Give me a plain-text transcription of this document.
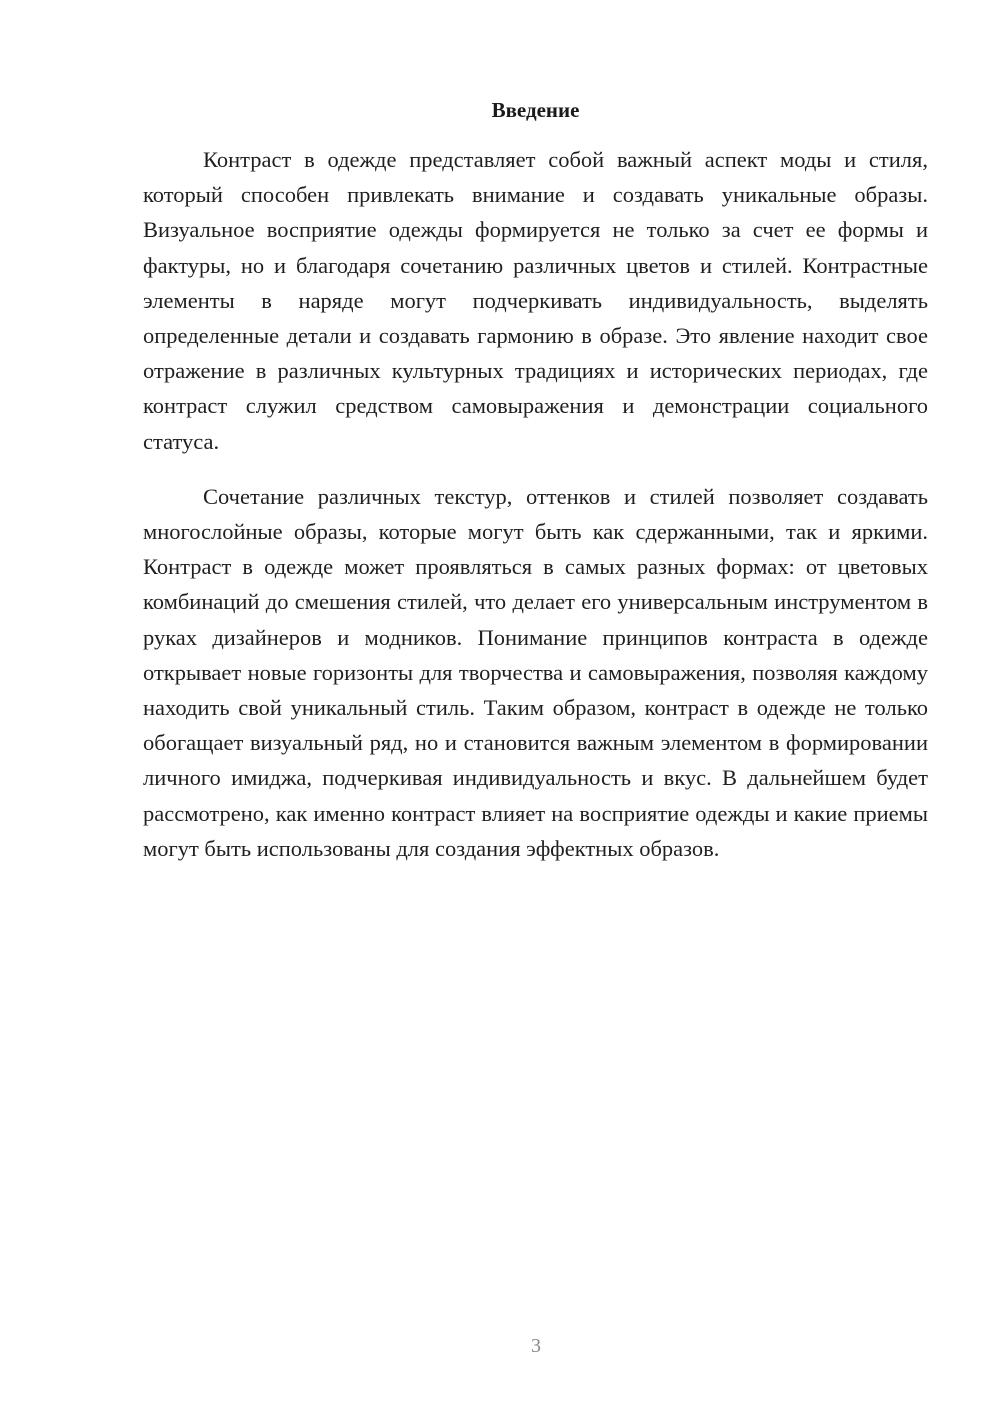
Введение

Контраст в одежде представляет собой важный аспект моды и стиля, который способен привлекать внимание и создавать уникальные образы. Визуальное восприятие одежды формируется не только за счет ее формы и фактуры, но и благодаря сочетанию различных цветов и стилей. Контрастные элементы в наряде могут подчеркивать индивидуальность, выделять определенные детали и создавать гармонию в образе. Это явление находит свое отражение в различных культурных традициях и исторических периодах, где контраст служил средством самовыражения и демонстрации социального статуса.

Сочетание различных текстур, оттенков и стилей позволяет создавать многослойные образы, которые могут быть как сдержанными, так и яркими. Контраст в одежде может проявляться в самых разных формах: от цветовых комбинаций до смешения стилей, что делает его универсальным инструментом в руках дизайнеров и модников. Понимание принципов контраста в одежде открывает новые горизонты для творчества и самовыражения, позволяя каждому находить свой уникальный стиль. Таким образом, контраст в одежде не только обогащает визуальный ряд, но и становится важным элементом в формировании личного имиджа, подчеркивая индивидуальность и вкус. В дальнейшем будет рассмотрено, как именно контраст влияет на восприятие одежды и какие приемы могут быть использованы для создания эффектных образов.

3
